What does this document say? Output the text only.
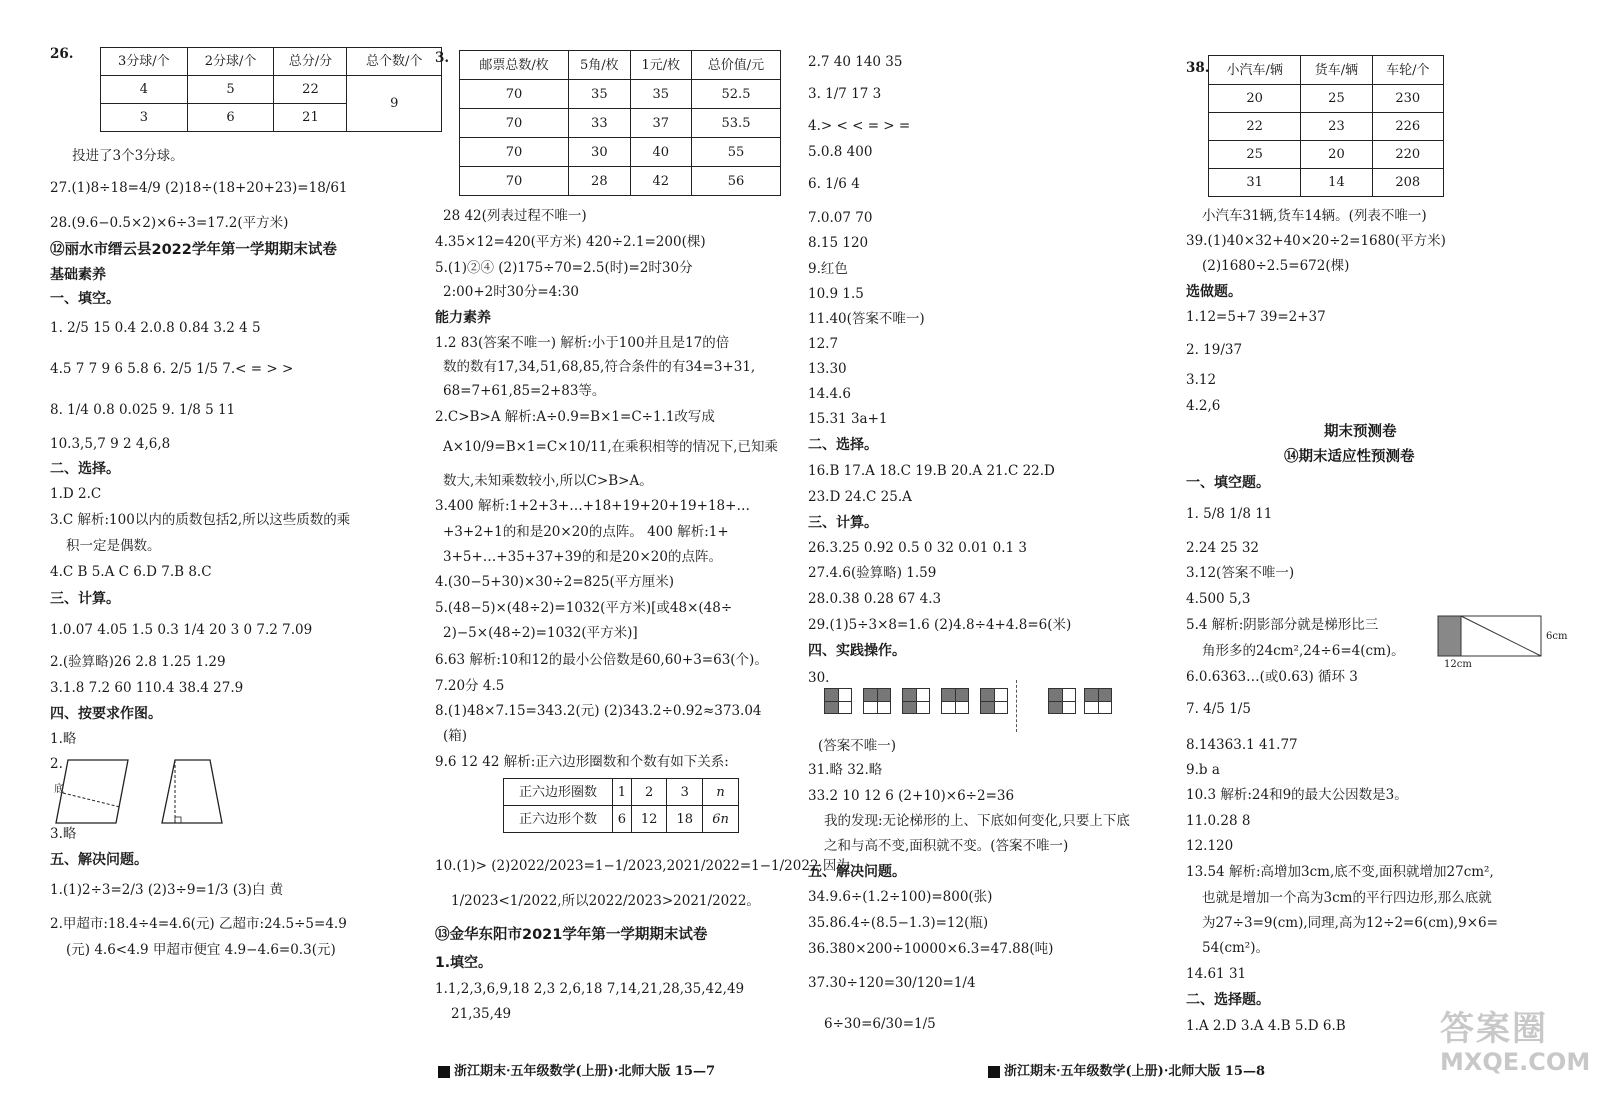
26.	3分球/个	2分球/个	总分/分	总个数/个
4	5	22	9
3	6	21	
投进了3个3分球。
27.(1)8÷18=4/9 (2)18÷(18+20+23)=18/61
28.(9.6−0.5×2)×6÷3=17.2(平方米)
⑫丽水市缙云县2022学年第一学期期末试卷
基础素养
一、填空。
1. 2/5 15 0.4 2.0.8 0.84 3.2 4 5
4.5 7 7 9 6 5.8 6. 2/5 1/5 7.< = > >
8. 1/4 0.8 0.025 9. 1/8 5 11
10.3,5,7 9 2 4,6,8
二、选择。
1.D 2.C
3.C 解析:100以内的质数包括2,所以这些质数的乘
积一定是偶数。
4.C B 5.A C 6.D 7.B 8.C
三、计算。
1.0.07 4.05 1.5 0.3 1/4 20 3 0 7.2 7.09
2.(验算略)26 2.8 1.25 1.29
3.1.8 7.2 60 110.4 38.4 27.9
四、按要求作图。
1.略
2.
底
3.略
五、解决问题。
1.(1)2÷3=2/3 (2)3÷9=1/3 (3)白 黄
2.甲超市:18.4÷4=4.6(元) 乙超市:24.5÷5=4.9
(元) 4.6<4.9 甲超市便宜 4.9−4.6=0.3(元)
3. 邮票总数/枚	5角/枚	1元/枚	总价值/元
70	35	35	52.5
70	33	37	53.5
70	30	40	55
70	28	42	56
28 42(列表过程不唯一)
4.35×12=420(平方米) 420÷2.1=200(棵)
5.(1)②④ (2)175÷70=2.5(时)=2时30分
2:00+2时30分=4:30
能力素养
1.2 83(答案不唯一) 解析:小于100并且是17的倍
数的数有17,34,51,68,85,符合条件的有34=3+31,
68=7+61,85=2+83等。
2.C>B>A 解析:A÷0.9=B×1=C÷1.1改写成
A×10/9=B×1=C×10/11,在乘积相等的情况下,已知乘
数大,未知乘数较小,所以C>B>A。
3.400 解析:1+2+3+…+18+19+20+19+18+…
+3+2+1的和是20×20的点阵。 400 解析:1+
3+5+…+35+37+39的和是20×20的点阵。
4.(30−5+30)×30÷2=825(平方厘米)
5.(48−5)×(48÷2)=1032(平方米)[或48×(48÷
2)−5×(48÷2)=1032(平方米)]
6.63 解析:10和12的最小公倍数是60,60+3=63(个)。
7.20分 4.5
8.(1)48×7.15=343.2(元) (2)343.2÷0.92≈373.04
(箱)
9.6 12 42 解析:正六边形圈数和个数有如下关系:
正六边形圈数	1	2	3	n
正六边形个数	6	12	18	6n
10.(1)> (2)2022/2023=1−1/2023,2021/2022=1−1/2022,因为
1/2023<1/2022,所以2022/2023>2021/2022。
⑬金华东阳市2021学年第一学期期末试卷
1.填空。
1.1,2,3,6,9,18 2,3 2,6,18 7,14,21,28,35,42,49
21,35,49
浙江期末·五年级数学(上册)·北师大版 15—7
2.7 40 140 35
3. 1/7 17 3
4.> < < = > =
5.0.8 400
6. 1/6 4
7.0.07 70
8.15 120
9.红色
10.9 1.5
11.40(答案不唯一)
12.7
13.30
14.4.6
15.31 3a+1
二、选择。
16.B 17.A 18.C 19.B 20.A 21.C 22.D
23.D 24.C 25.A
三、计算。
26.3.25 0.92 0.5 0 32 0.01 0.1 3
27.4.6(验算略) 1.59
28.0.38 0.28 67 4.3
29.(1)5÷3×8=1.6 (2)4.8÷4+4.8=6(米)
四、实践操作。
30.
(答案不唯一)
31.略 32.略
33.2 10 12 6 (2+10)×6÷2=36
我的发现:无论梯形的上、下底如何变化,只要上下底
之和与高不变,面积就不变。(答案不唯一)
五、解决问题。
34.9.6÷(1.2÷100)=800(张)
35.86.4÷(8.5−1.3)=12(瓶)
36.380×200÷10000×6.3=47.88(吨)
37.30÷120=30/120=1/4
6÷30=6/30=1/5
38. 小汽车/辆	货车/辆	车轮/个
20	25	230
22	23	226
25	20	220
31	14	208
小汽车31辆,货车14辆。(列表不唯一)
39.(1)40×32+40×20÷2=1680(平方米)
(2)1680÷2.5=672(棵)
选做题。
1.12=5+7 39=2+37
2. 19/37
3.12
4.2,6
期末预测卷
⑭期末适应性预测卷
一、填空题。
1. 5/8 1/8 11
2.24 25 32
3.12(答案不唯一)
4.500 5,3
5.4 解析:阴影部分就是梯形比三
角形多的24cm²,24÷6=4(cm)。
6cm
12cm
6.0.6363…(或0.63) 循环 3
7. 4/5 1/5
8.14363.1 41.77
9.b a
10.3 解析:24和9的最大公因数是3。
11.0.28 8
12.120
13.54 解析:高增加3cm,底不变,面积就增加27cm²,
也就是增加一个高为3cm的平行四边形,那么底就
为27÷3=9(cm),同理,高为12÷2=6(cm),9×6=
54(cm²)。
14.61 31
二、选择题。
1.A 2.D 3.A 4.B 5.D 6.B
浙江期末·五年级数学(上册)·北师大版 15—8
答案圈
MXQE.COM
